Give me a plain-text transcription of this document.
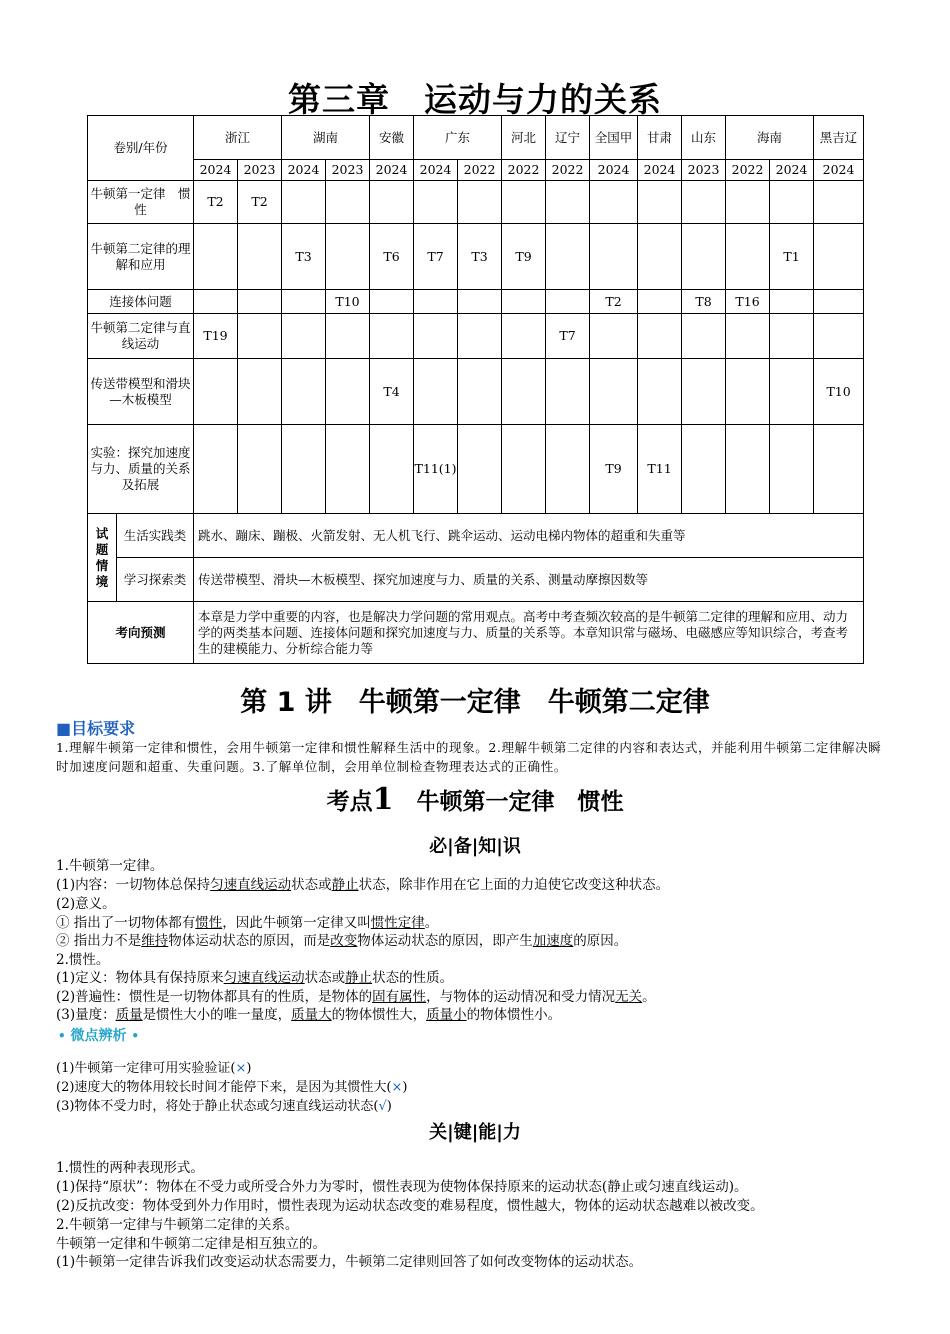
第三章　运动与力的关系
卷别/年份		浙江		湖南		安徽	广东		河北	辽宁	全国甲	甘肃	山东	海南		黑吉辽
		2024	2023	2024	2023	2024	2024	2022	2022	2022	2024	2024	2023	2022	2024	2024
牛顿第一定律　惯性		T2	T2													
牛顿第二定律的理解和应用				T3		T6	T7	T3	T9						T1	
连接体问题					T10						T2		T8	T16		
牛顿第二定律与直线运动		T19								T7						
传送带模型和滑块—木板模型						T4										T10
实验：探究加速度与力、质量的关系及拓展							T11(1)				T9	T11				
试题情境	生活实践类	跳水、蹦床、蹦极、火箭发射、无人机飞行、跳伞运动、运动电梯内物体的超重和失重等														
	学习探索类	传送带模型、滑块—木板模型、探究加速度与力、质量的关系、测量动摩擦因数等														
考向预测		本章是力学中重要的内容，也是解决力学问题的常用观点。高考中考查频次较高的是牛顿第二定律的理解和应用、动力学的两类基本问题、连接体问题和探究加速度与力、质量的关系等。本章知识常与磁场、电磁感应等知识综合，考查考生的建模能力、分析综合能力等														
第 1 讲　牛顿第一定律　牛顿第二定律
■目标要求
1.理解牛顿第一定律和惯性，会用牛顿第一定律和惯性解释生活中的现象。2.理解牛顿第二定律的内容和表达式，并能利用牛顿第二定律解决瞬时加速度问题和超重、失重问题。3.了解单位制，会用单位制检查物理表达式的正确性。
考点1　 牛顿第一定律　惯性
必|备|知|识
1.牛顿第一定律。
(1)内容：一切物体总保持匀速直线运动状态或静止状态，除非作用在它上面的力迫使它改变这种状态。
(2)意义。
① 指出了一切物体都有惯性，因此牛顿第一定律又叫惯性定律。
② 指出力不是维持物体运动状态的原因，而是改变物体运动状态的原因，即产生加速度的原因。
2.惯性。
(1)定义：物体具有保持原来匀速直线运动状态或静止状态的性质。
(2)普遍性：惯性是一切物体都具有的性质，是物体的固有属性，与物体的运动情况和受力情况无关。
(3)量度：质量是惯性大小的唯一量度，质量大的物体惯性大，质量小的物体惯性小。
• 微点辨析 •
(1)牛顿第一定律可用实验验证(×)
(2)速度大的物体用较长时间才能停下来，是因为其惯性大(×)
(3)物体不受力时，将处于静止状态或匀速直线运动状态(√)
关|键|能|力
1.惯性的两种表现形式。
(1)保持“原状”：物体在不受力或所受合外力为零时，惯性表现为使物体保持原来的运动状态(静止或匀速直线运动)。
(2)反抗改变：物体受到外力作用时，惯性表现为运动状态改变的难易程度，惯性越大，物体的运动状态越难以被改变。
2.牛顿第一定律与牛顿第二定律的关系。
牛顿第一定律和牛顿第二定律是相互独立的。
(1)牛顿第一定律告诉我们改变运动状态需要力，牛顿第二定律则回答了如何改变物体的运动状态。
